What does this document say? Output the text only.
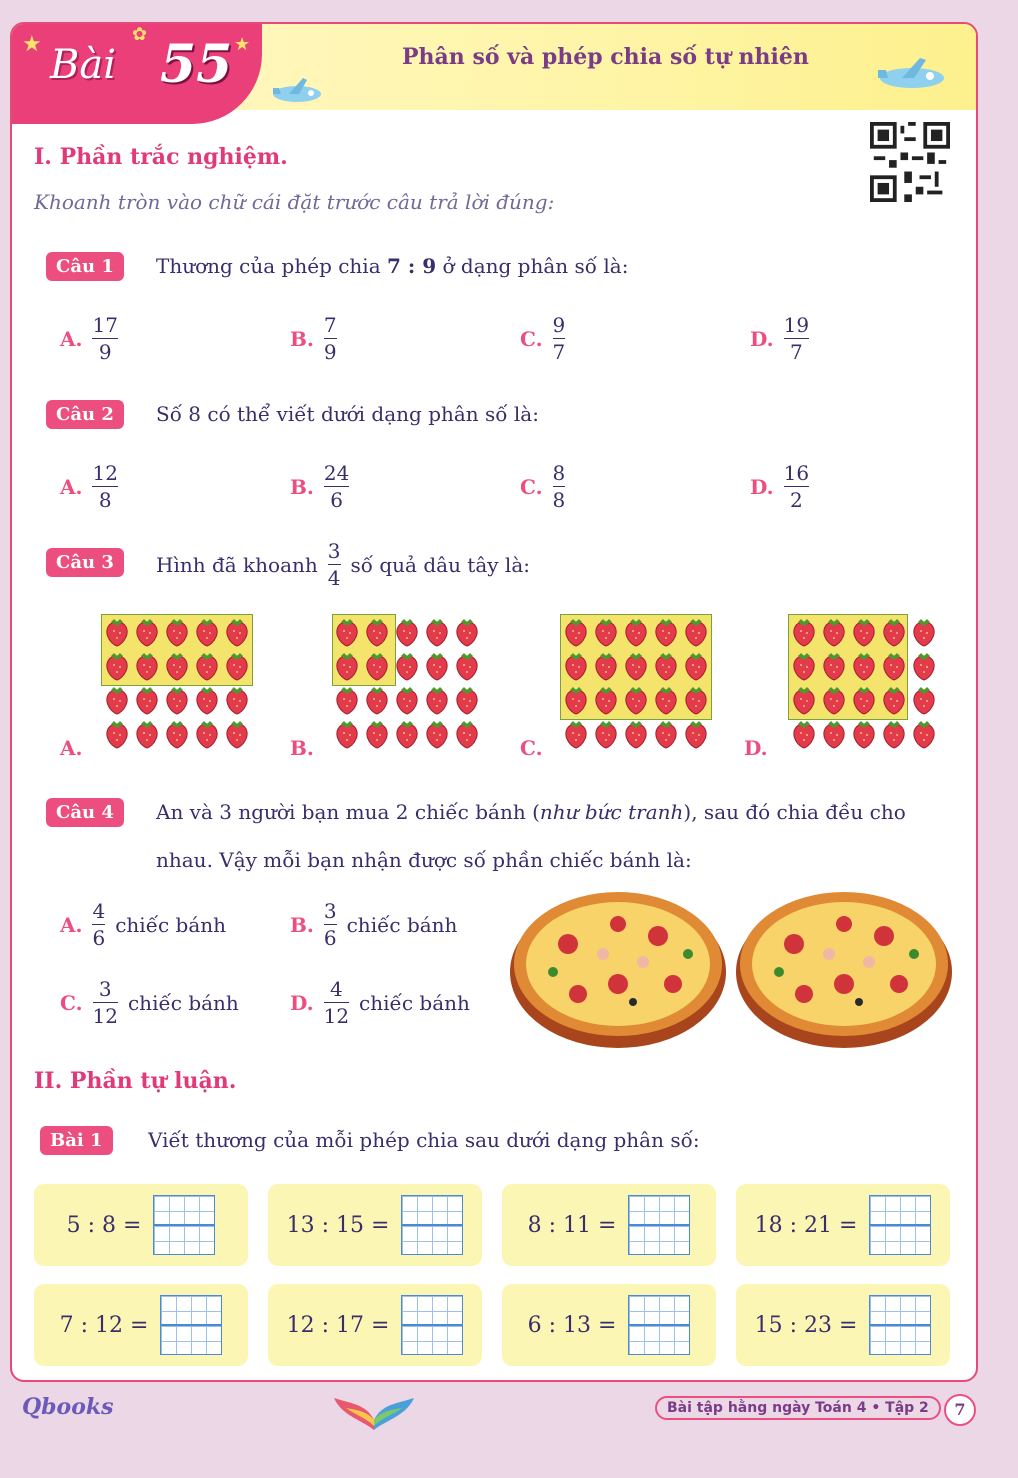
★	✿	★
Bài 55	Phân số và phép chia số tự nhiên
I. Phần trắc nghiệm.
Khoanh tròn vào chữ cái đặt trước câu trả lời đúng:
Câu 1	Thương của phép chia 7 : 9 ở dạng phân số là:
A. $\frac{17}{9}$	B. $\frac{7}{9}$	C. $\frac{9}{7}$	D. $\frac{19}{7}$
Câu 2	Số 8 có thể viết dưới dạng phân số là:
A. $\frac{12}{8}$	B. $\frac{24}{6}$	C. $\frac{8}{8}$	D. $\frac{16}{2}$
Câu 3	Hình đã khoanh $\frac{3}{4}$ số quả dâu tây là:
A.	B.	C.	D.
Câu 4	An và 3 người bạn mua 2 chiếc bánh (như bức tranh), sau đó chia đều cho
nhau. Vậy mỗi bạn nhận được số phần chiếc bánh là:
A. $\frac{4}{6}$ chiếc bánh	B. $\frac{3}{6}$ chiếc bánh
C. $\frac{3}{12}$ chiếc bánh	D. $\frac{4}{12}$ chiếc bánh
II. Phần tự luận.
Bài 1	Viết thương của mỗi phép chia sau dưới dạng phân số:
5 : 8 =	13 : 15 =	8 : 11 =	18 : 21 =
7 : 12 =	12 : 17 =	6 : 13 =	15 : 23 =
Qbooks	Bài tập hằng ngày Toán 4 • Tập 2	7
